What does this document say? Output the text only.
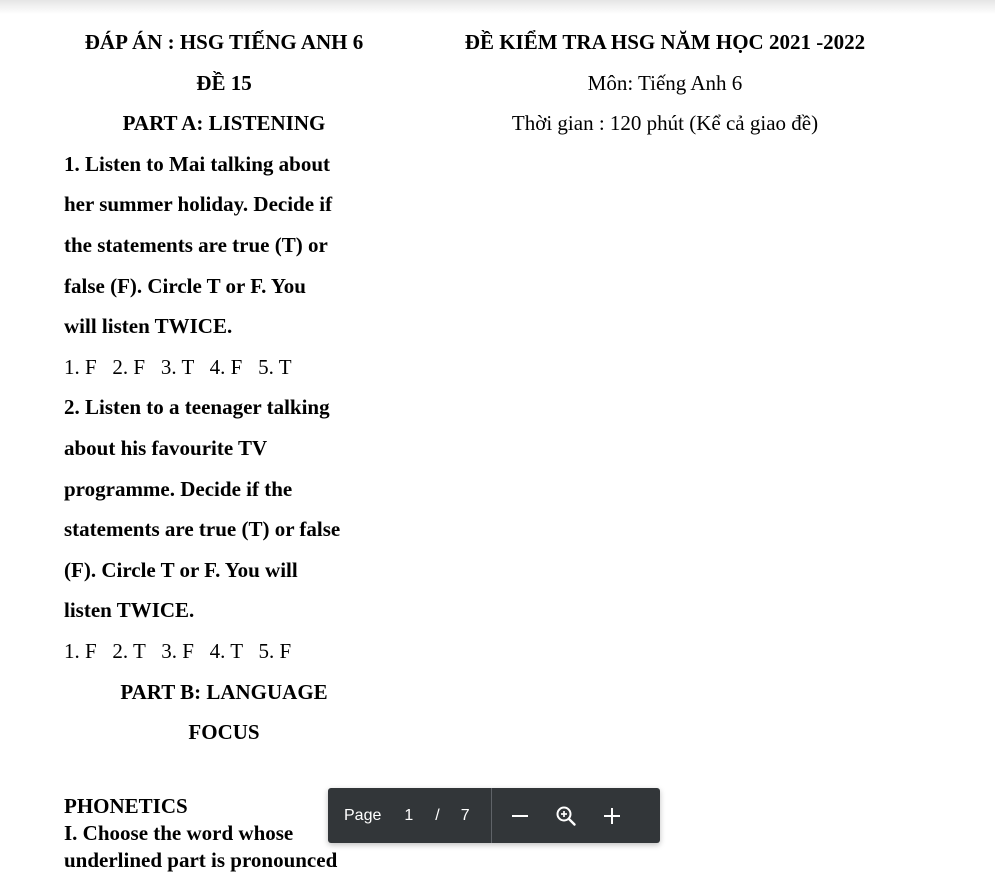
ĐÁP ÁN : HSG TIẾNG ANH 6

ĐỀ 15

PART A: LISTENING

1. Listen to Mai talking about

her summer holiday. Decide if

the statements are true (T) or

false (F). Circle T or F. You

will listen TWICE.

1. F   2. F   3. T   4. F   5. T

2. Listen to a teenager talking

about his favourite TV

programme. Decide if the

statements are true (T) or false

(F). Circle T or F. You will

listen TWICE.

1. F   2. T   3. F   4. T   5. F

PART B: LANGUAGE

FOCUS

PHONETICS

I. Choose the word whose

underlined part is pronounced

ĐỀ KIỂM TRA HSG NĂM HỌC 2021 -2022

Môn: Tiếng Anh 6

Thời gian : 120 phút (Kể cả giao đề)

Page 1 / 7
